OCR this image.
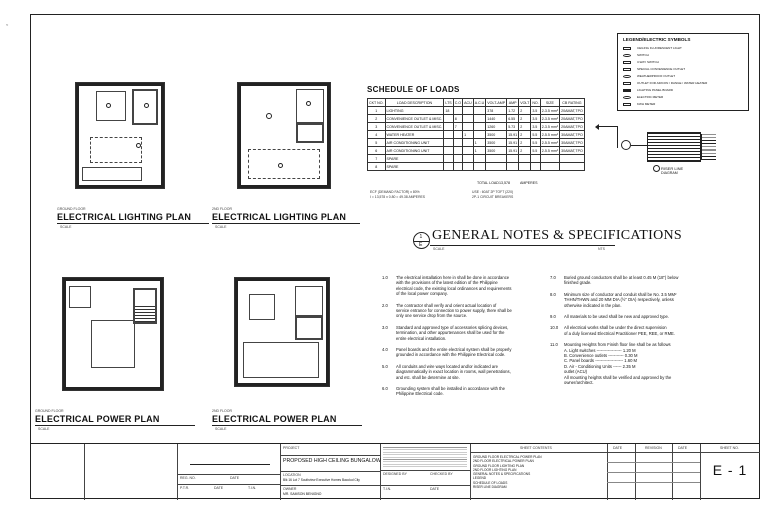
≈
GROUND FLOOR
ELECTRICAL LIGHTING PLAN
SCALE
2ND FLOOR
ELECTRICAL LIGHTING PLAN
SCALE
GROUND FLOOR
ELECTRICAL POWER PLAN
SCALE
2ND FLOOR
ELECTRICAL POWER PLAN
SCALE
SCHEDULE OF LOADS
CKT NO.	LOAD DESCRIPTION	LTS	C.O	ACU	A.C.U	VOLT-AMP	AMP	VOLT	NO.	SIZE	CB RATING
1	LIGHTING	18				378	1.72	2	3.5	2-3.5 mm²	20AMAT,TPO
2	CONVENIENCE OUTLET & MISC.		8			1440	6.55	2	3.5	2-3.5 mm²	20AMAT,TPO
3	CONVENIENCE OUTLET & MISC.		7			1260	5.73	2	3.5	2-3.5 mm²	20AMAT,TPO
4	WATER HEATER			1		3500	15.91	2	5.5	2-5.5 mm²	30AMAT,TPO
5	AIR CONDITIONING UNIT				1	3500	15.91	2	5.5	2-5.5 mm²	30AMAT,TPO
6	AIR CONDITIONING UNIT				1	3500	15.91	2	5.5	2-5.5 mm²	30AMAT,TPO
7	SPARE										
8	SPARE										
TOTAL LOAD 13,578	AMPERES
ECF (DEMAND FACTOR) x 80%
I = 13,578 x 0.80 = 49.38 AMPERES
USE : 60AT 2P TOFT (220)
2P-1 CIRCUIT BREAKERS
LEGEND/ELECTRIC SYMBOLS
CEILING FLUORESCENT LIGHT
SWITCH
3-WAY SWITCH
SPECIAL CONVENIENCE OUTLET
WEATHERPROOF OUTLET
OUTLET FOR AIRCON / RANGE / WATER HEATER
LIGHTING PANEL BOARD
ELECTRIC METER
KWH METER
RISER LINE
DIAGRAM
1
E
GENERAL NOTES & SPECIFICATIONS
SCALE	NTS
1.0 The electrical installation here in shall be done in accordance
with the provisions of the latest edition of the Philippine
electrical code, the existing local ordinances and requirements
of the local power company.
2.0 The contractor shall verify and orient actual location of
service entrance for connection to power supply, there shall be
only one service drop from the source.
3.0 Standard and approved type of accessories splicing devices,
termination, and other appurtenances shall be used for the
entire electrical installation.
4.0 Panel boards and the entire electrical system shall be properly
grounded in accordance with the Philippine Electrical code.
5.0 All conduits and wire ways located and/or indicated are
diagrammatically in exact location in rooms, wall penetrations,
and etc. shall be determine at site.
6.0 Grounding system shall be installed in accordance with the
Philippine Electrical code.
7.0 Buried ground conductors shall be at least 0.45 M (18") below
finished grade.
8.0 Minimum size of conductor and conduit shall be No. 3.5 MM²
THHN/THWN and 20 MM DIA (½" DIA) respectively, unless
otherwise indicated in the plan.
9.0 All materials to be used shall be new and approved type.
10.0 All electrical works shall be under the direct supervision
of a duly licensed Electrical Practitioner PEE, REE, or RME.
11.0 Mounting Heights from Finish floor line shall be as follows
A. Light switches ------------------ 1.20 M
B. Convenience outlets ----------- 0.30 M
C. Panel boards -------------------- 1.60 M
D. Air - Conditioning Units ------ 2.35 M
outlet (ACU)
All mounting heights shall be verified and approved by the
owner/architect.
REG. NO.	DATE
P.T.R.	DATE	T.I.N.
PROJECT
PROPOSED HIGH CEILING BUNGALOW
LOCATION
Blk 16 Lot 7 Southview Executive Homes Bacolod City
OWNER
MR. SAMSON BENIGNO
DESIGNED BY	CHECKED BY
T.I.N.	DATE
SHEET CONTENTS
GROUND FLOOR ELECTRICAL POWER PLAN
2ND FLOOR ELECTRICAL POWER PLAN
GROUND FLOOR LIGHTING PLAN
2ND FLOOR LIGHTING PLAN
GENERAL NOTES & SPECIFICATIONS
LEGEND
SCHEDULE OF LOADS
RISER LINE DIAGRAM
DATE	REVISION	DATE	SHEET NO.
E - 1
